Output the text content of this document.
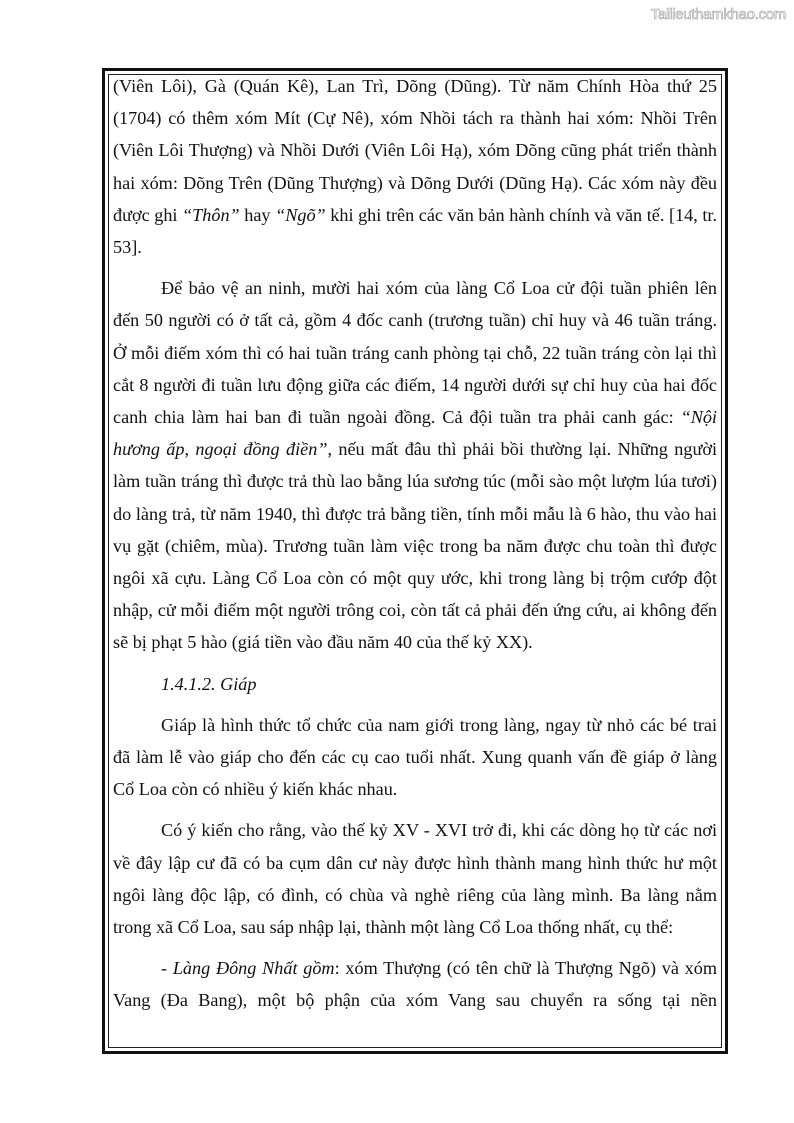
Tailieuthamkhao.com

(Viên Lôi), Gà (Quán Kê), Lan Trì, Dõng (Dũng). Từ năm Chính Hòa thứ 25 (1704) có thêm xóm Mít (Cự Nê), xóm Nhồi tách ra thành hai xóm: Nhồi Trên (Viên Lôi Thượng) và Nhồi Dưới (Viên Lôi Hạ), xóm Dõng cũng phát triển thành hai xóm: Dõng Trên (Dũng Thượng) và Dõng Dưới (Dũng Hạ). Các xóm này đều được ghi “Thôn” hay “Ngõ” khi ghi trên các văn bản hành chính và văn tế. [14, tr. 53].

Để bảo vệ an ninh, mười hai xóm của làng Cổ Loa cử đội tuần phiên lên đến 50 người có ở tất cả, gồm 4 đốc canh (trương tuần) chỉ huy và 46 tuần tráng. Ở mỗi điếm xóm thì có hai tuần tráng canh phòng tại chỗ, 22 tuần tráng còn lại thì cắt 8 người đi tuần lưu động giữa các điếm, 14 người dưới sự chỉ huy của hai đốc canh chia làm hai ban đi tuần ngoài đồng. Cả đội tuần tra phải canh gác: “Nội hương ấp, ngoại đồng điền”, nếu mất đâu thì phải bồi thường lại. Những người làm tuần tráng thì được trả thù lao bằng lúa sương túc (mỗi sào một lượm lúa tươi) do làng trả, từ năm 1940, thì được trả bằng tiền, tính mỗi mẫu là 6 hào, thu vào hai vụ gặt (chiêm, mùa). Trương tuần làm việc trong ba năm được chu toàn thì được ngôi xã cựu. Làng Cổ Loa còn có một quy ước, khi trong làng bị trộm cướp đột nhập, cử mỗi điếm một người trông coi, còn tất cả phải đến ứng cứu, ai không đến sẽ bị phạt 5 hào (giá tiền vào đầu năm 40 của thế kỷ XX).

1.4.1.2. Giáp

Giáp là hình thức tổ chức của nam giới trong làng, ngay từ nhỏ các bé trai đã làm lễ vào giáp cho đến các cụ cao tuổi nhất. Xung quanh vấn đề giáp ở làng Cổ Loa còn có nhiều ý kiến khác nhau.

Có ý kiến cho rằng, vào thế kỷ XV - XVI trở đi, khi các dòng họ từ các nơi về đây lập cư đã có ba cụm dân cư này được hình thành mang hình thức hư một ngôi làng độc lập, có đình, có chùa và nghè riêng của làng mình. Ba làng nằm trong xã Cổ Loa, sau sáp nhập lại, thành một làng Cổ Loa thống nhất, cụ thể:

- Làng Đông Nhất gồm: xóm Thượng (có tên chữ là Thượng Ngõ) và xóm Vang (Đa Bang), một bộ phận của xóm Vang sau chuyển ra sống tại nền
